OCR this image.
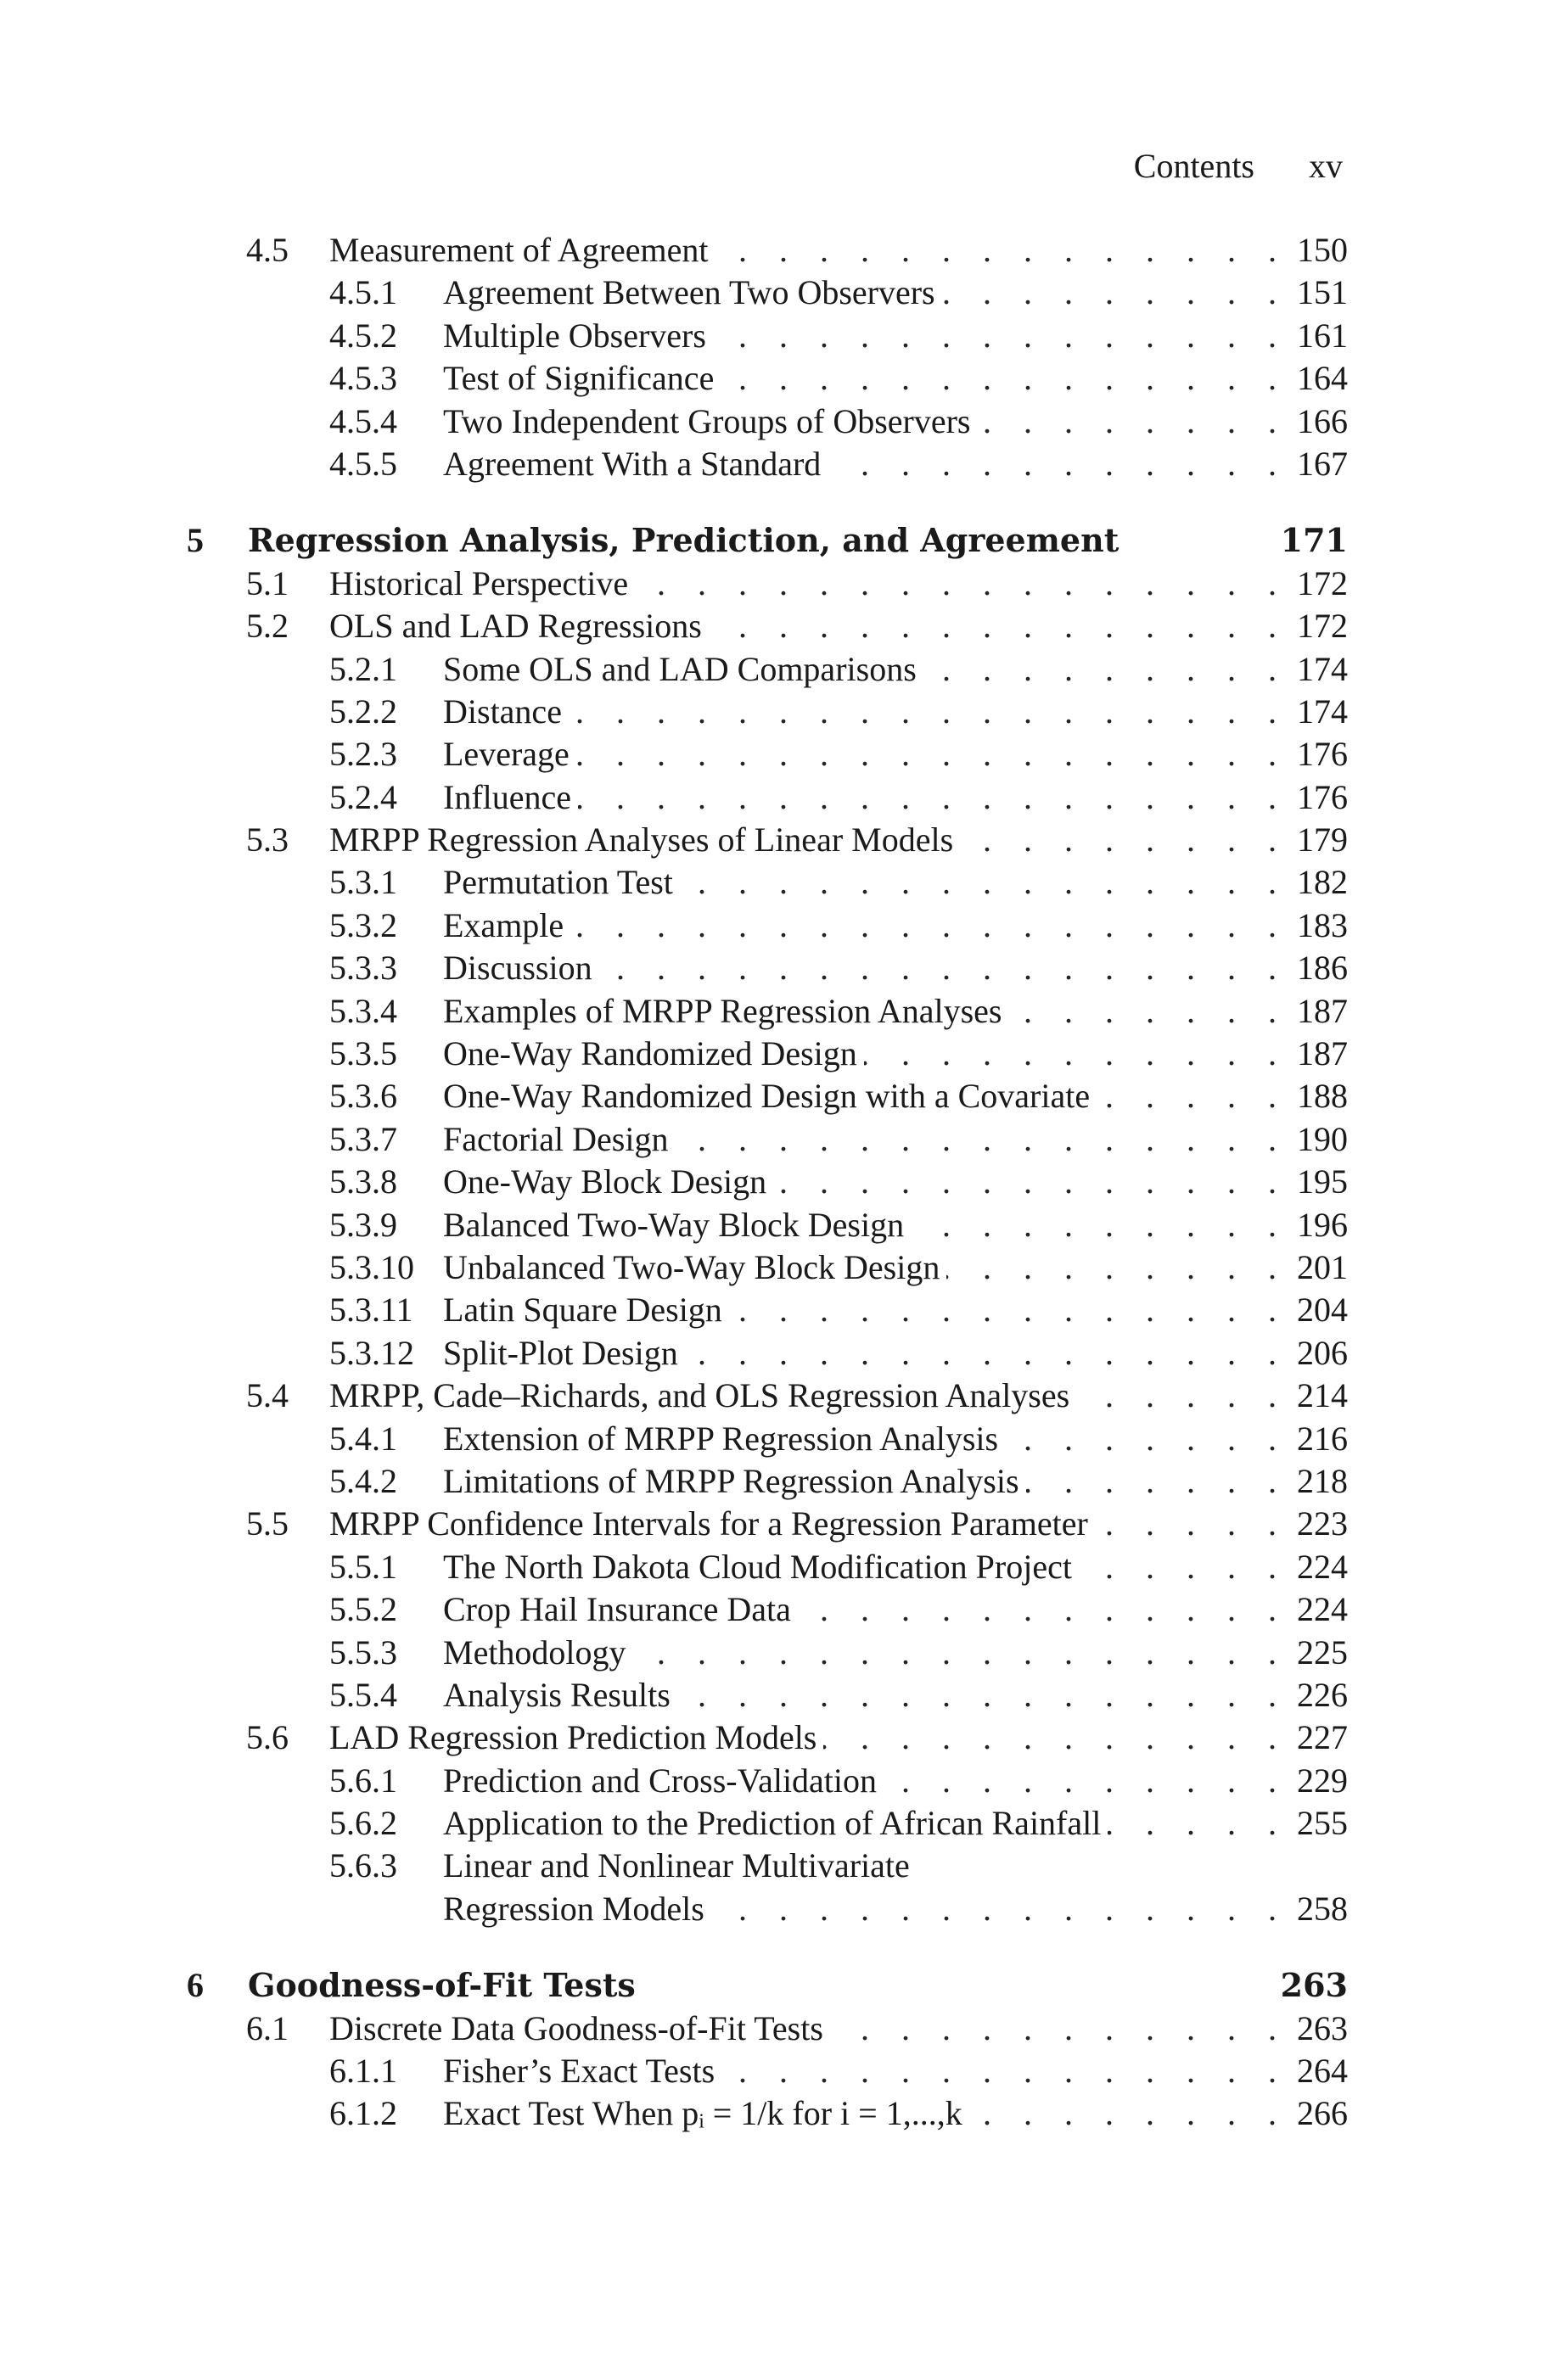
Contents xv
4.5 Measurement of Agreement . . .	150
4.5.1 Agreement Between Two Observers . . .	151
4.5.2 Multiple Observers . . .	161
4.5.3 Test of Significance . . .	164
4.5.4 Two Independent Groups of Observers . . .	166
4.5.5 Agreement With a Standard . . .	167
5 Regression Analysis, Prediction, and Agreement	171
5.1 Historical Perspective . . .	172
5.2 OLS and LAD Regressions . . .	172
5.2.1 Some OLS and LAD Comparisons . . .	174
5.2.2 Distance . . .	174
5.2.3 Leverage . . .	176
5.2.4 Influence . . .	176
5.3 MRPP Regression Analyses of Linear Models . . .	179
5.3.1 Permutation Test . . .	182
5.3.2 Example . . .	183
5.3.3 Discussion . . .	186
5.3.4 Examples of MRPP Regression Analyses . . .	187
5.3.5 One-Way Randomized Design . . .	187
5.3.6 One-Way Randomized Design with a Covariate . . .	188
5.3.7 Factorial Design . . .	190
5.3.8 One-Way Block Design . . .	195
5.3.9 Balanced Two-Way Block Design . . .	196
5.3.10 Unbalanced Two-Way Block Design . . .	201
5.3.11 Latin Square Design . . .	204
5.3.12 Split-Plot Design . . .	206
5.4 MRPP, Cade–Richards, and OLS Regression Analyses . . .	214
5.4.1 Extension of MRPP Regression Analysis . . .	216
5.4.2 Limitations of MRPP Regression Analysis . . .	218
5.5 MRPP Confidence Intervals for a Regression Parameter . . .	223
5.5.1 The North Dakota Cloud Modification Project . . .	224
5.5.2 Crop Hail Insurance Data . . .	224
5.5.3 Methodology . . .	225
5.5.4 Analysis Results . . .	226
5.6 LAD Regression Prediction Models . . .	227
5.6.1 Prediction and Cross-Validation . . .	229
5.6.2 Application to the Prediction of African Rainfall . . .	255
5.6.3 Linear and Nonlinear Multivariate
Regression Models . . .	258
6 Goodness-of-Fit Tests	263
6.1 Discrete Data Goodness-of-Fit Tests . . .	263
6.1.1 Fisher’s Exact Tests . . .	264
6.1.2 Exact Test When pᵢ = 1/k for i = 1,...,k . . .	266
